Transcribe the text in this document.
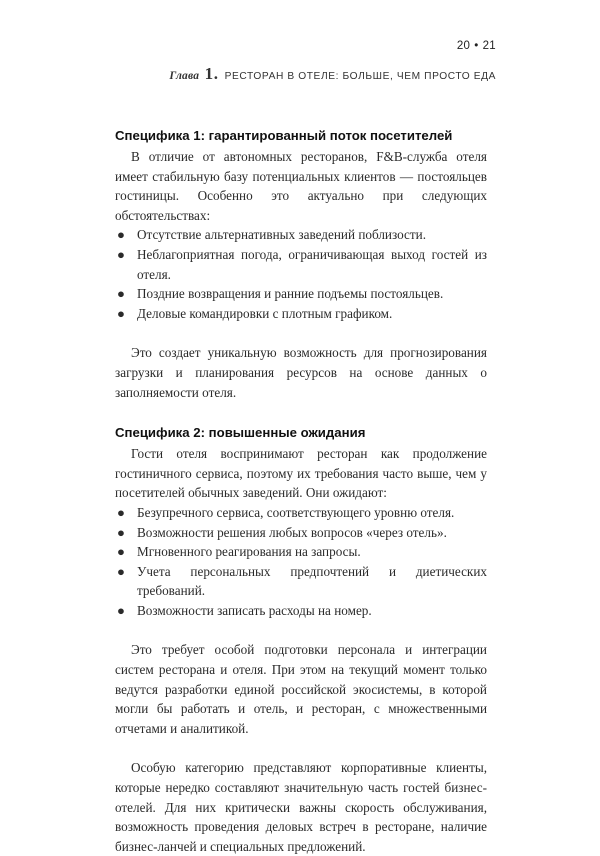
20 • 21
Глава 1. РЕСТОРАН В ОТЕЛЕ: БОЛЬШЕ, ЧЕМ ПРОСТО ЕДА
Специфика 1: гарантированный поток посетителей

В отличие от автономных ресторанов, F&B-служба отеля имеет стабильную базу потенциальных клиентов — постояльцев гостиницы. Особенно это актуально при следующих обстоятельствах:

● Отсутствие альтернативных заведений поблизости.
● Неблагоприятная погода, ограничивающая выход гостей из отеля.
● Поздние возвращения и ранние подъемы постояльцев.
● Деловые командировки с плотным графиком.

Это создает уникальную возможность для прогнозирования загрузки и планирования ресурсов на основе данных о заполняемости отеля.

Специфика 2: повышенные ожидания

Гости отеля воспринимают ресторан как продолжение гостиничного сервиса, поэтому их требования часто выше, чем у посетителей обычных заведений. Они ожидают:

● Безупречного сервиса, соответствующего уровню отеля.
● Возможности решения любых вопросов «через отель».
● Мгновенного реагирования на запросы.
● Учета персональных предпочтений и диетических требований.
● Возможности записать расходы на номер.

Это требует особой подготовки персонала и интеграции систем ресторана и отеля. При этом на текущий момент только ведутся разработки единой российской экосистемы, в которой могли бы работать и отель, и ресторан, с множественными отчетами и аналитикой.

Особую категорию представляют корпоративные клиенты, которые нередко составляют значительную часть гостей бизнес-отелей. Для них критически важны скорость обслуживания, возможность проведения деловых встреч в ресторане, наличие бизнес-ланчей и специальных предложений.
